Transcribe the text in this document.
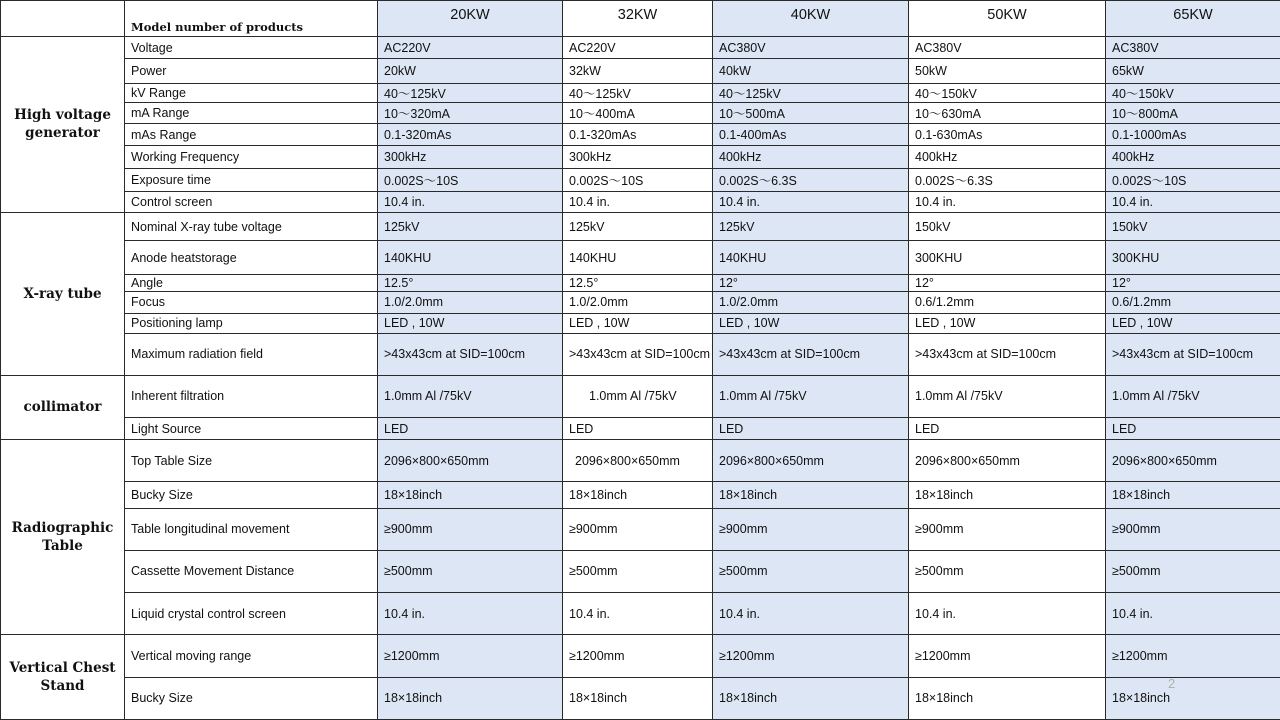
	Model number of products	20KW	32KW	40KW	50KW	65KW
High voltage generator	Voltage	AC220V	AC220V	AC380V	AC380V	AC380V
	Power	20kW	32kW	40kW	50kW	65kW
	kV Range	40～125kV	40～125kV	40～125kV	40～150kV	40～150kV
	mA Range	10～320mA	10～400mA	10～500mA	10～630mA	10～800mA
	mAs Range	0.1-320mAs	0.1-320mAs	0.1-400mAs	0.1-630mAs	0.1-1000mAs
	Working Frequency	300kHz	300kHz	400kHz	400kHz	400kHz
	Exposure time	0.002S～10S	0.002S～10S	0.002S～6.3S	0.002S～6.3S	0.002S～10S
	Control screen	10.4 in.	10.4 in.	10.4 in.	10.4 in.	10.4 in.
X-ray tube	Nominal X-ray tube voltage	125kV	125kV	125kV	150kV	150kV
	Anode heatstorage	140KHU	140KHU	140KHU	300KHU	300KHU
	Angle	12.5°	12.5°	12°	12°	12°
	Focus	1.0/2.0mm	1.0/2.0mm	1.0/2.0mm	0.6/1.2mm	0.6/1.2mm
	Positioning lamp	LED , 10W	LED , 10W	LED , 10W	LED , 10W	LED , 10W
	Maximum radiation field	>43x43cm at SID=100cm	>43x43cm at SID=100cm	>43x43cm at SID=100cm	>43x43cm at SID=100cm	>43x43cm at SID=100cm
collimator	Inherent filtration	1.0mm Al /75kV	1.0mm Al /75kV	1.0mm Al /75kV	1.0mm Al /75kV	1.0mm Al /75kV
	Light Source	LED	LED	LED	LED	LED
Radiographic Table	Top Table Size	2096×800×650mm	2096×800×650mm	2096×800×650mm	2096×800×650mm	2096×800×650mm
	Bucky Size	18×18inch	18×18inch	18×18inch	18×18inch	18×18inch
	Table longitudinal movement	≥900mm	≥900mm	≥900mm	≥900mm	≥900mm
	Cassette Movement Distance	≥500mm	≥500mm	≥500mm	≥500mm	≥500mm
	Liquid crystal control screen	10.4 in.	10.4 in.	10.4 in.	10.4 in.	10.4 in.
Vertical Chest Stand	Vertical moving range	≥1200mm	≥1200mm	≥1200mm	≥1200mm	≥1200mm
	Bucky Size	18×18inch	18×18inch	18×18inch	18×18inch	18×18inch
2
